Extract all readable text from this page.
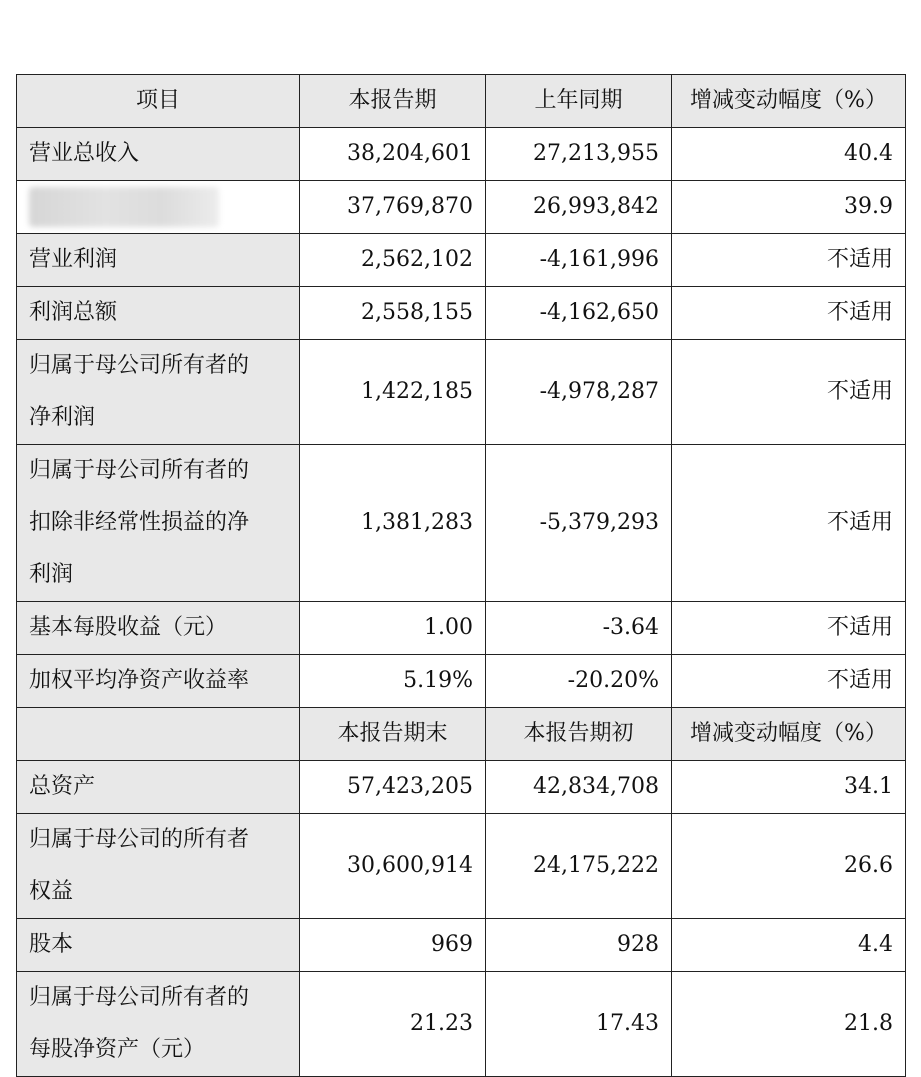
项目	本报告期	上年同期	增减变动幅度（%）
营业总收入	38,204,601	27,213,955	40.4
	37,769,870	26,993,842	39.9
营业利润	2,562,102	-4,161,996	不适用
利润总额	2,558,155	-4,162,650	不适用

归属于母公司所有者的
净利润	1,422,185	-4,978,287	不适用

归属于母公司所有者的
扣除非经常性损益的净
利润	1,381,283	-5,379,293	不适用
基本每股收益（元）	1.00	-3.64	不适用
加权平均净资产收益率	5.19%	-20.20%	不适用
	本报告期末	本报告期初	增减变动幅度（%）
总资产	57,423,205	42,834,708	34.1

归属于母公司的所有者
权益	30,600,914	24,175,222	26.6
股本	969	928	4.4

归属于母公司所有者的
每股净资产（元）	21.23	17.43	21.8
